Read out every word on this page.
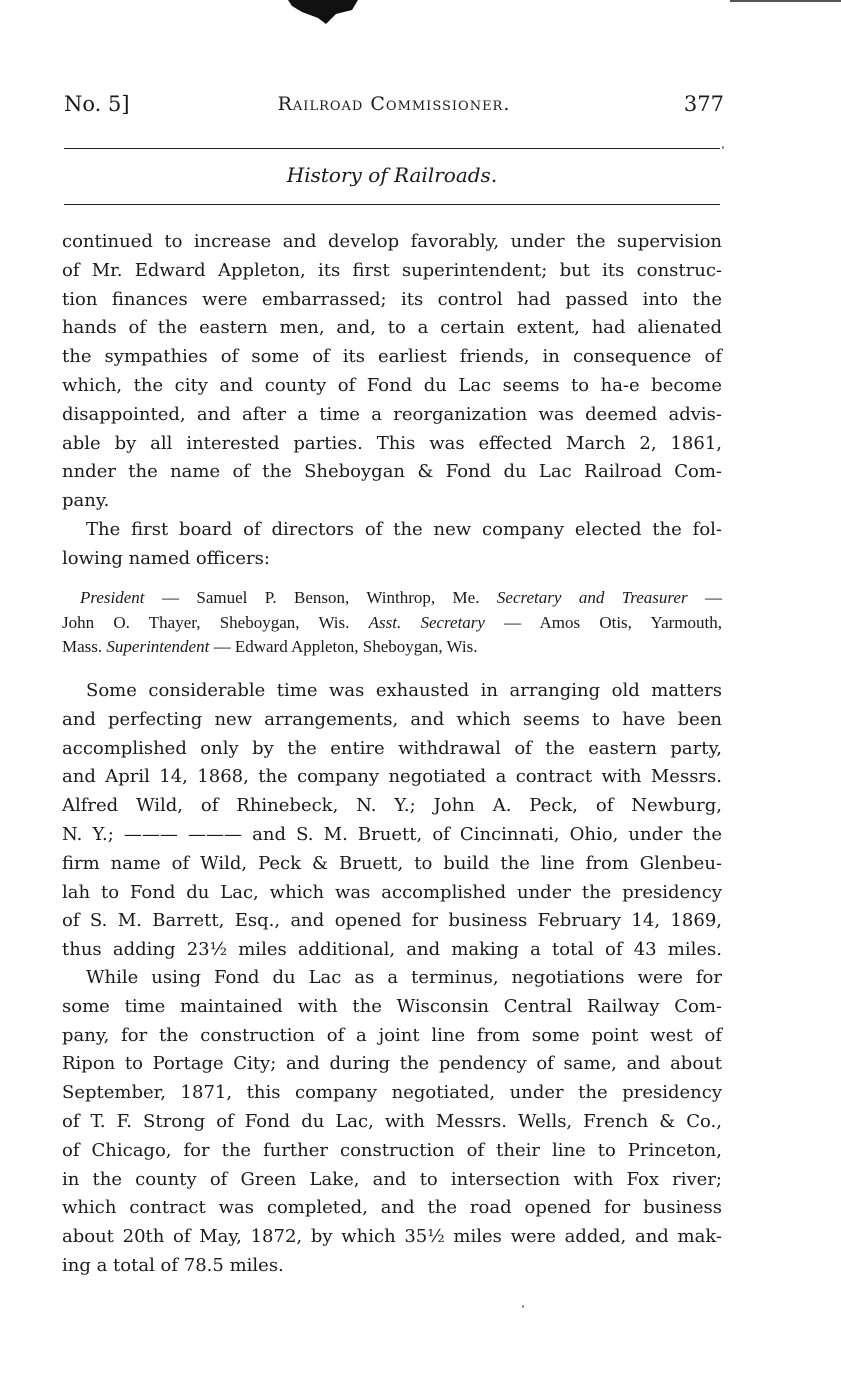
No. 5]	Railroad Commissioner.	377
History of Railroads.
continued to increase and develop favorably, under the supervision
of Mr. Edward Appleton, its first superintendent; but its construc-
tion finances were embarrassed; its control had passed into the
hands of the eastern men, and, to a certain extent, had alienated
the sympathies of some of its earliest friends, in consequence of
which, the city and county of Fond du Lac seems to ha-e become
disappointed, and after a time a reorganization was deemed advis-
able by all interested parties. This was effected March 2, 1861,
nnder the name of the Sheboygan & Fond du Lac Railroad Com-
pany.
The first board of directors of the new company elected the fol-
lowing named officers:
President — Samuel P. Benson, Winthrop, Me. Secretary and Treasurer —
John O. Thayer, Sheboygan, Wis. Asst. Secretary — Amos Otis, Yarmouth,
Mass. Superintendent — Edward Appleton, Sheboygan, Wis.
Some considerable time was exhausted in arranging old matters
and perfecting new arrangements, and which seems to have been
accomplished only by the entire withdrawal of the eastern party,
and April 14, 1868, the company negotiated a contract with Messrs.
Alfred Wild, of Rhinebeck, N. Y.; John A. Peck, of Newburg,
N. Y.; ——— ——— and S. M. Bruett, of Cincinnati, Ohio, under the
firm name of Wild, Peck & Bruett, to build the line from Glenbeu-
lah to Fond du Lac, which was accomplished under the presidency
of S. M. Barrett, Esq., and opened for business February 14, 1869,
thus adding 23½ miles additional, and making a total of 43 miles.
While using Fond du Lac as a terminus, negotiations were for
some time maintained with the Wisconsin Central Railway Com-
pany, for the construction of a joint line from some point west of
Ripon to Portage City; and during the pendency of same, and about
September, 1871, this company negotiated, under the presidency
of T. F. Strong of Fond du Lac, with Messrs. Wells, French & Co.,
of Chicago, for the further construction of their line to Princeton,
in the county of Green Lake, and to intersection with Fox river;
which contract was completed, and the road opened for business
about 20th of May, 1872, by which 35½ miles were added, and mak-
ing a total of 78.5 miles.
